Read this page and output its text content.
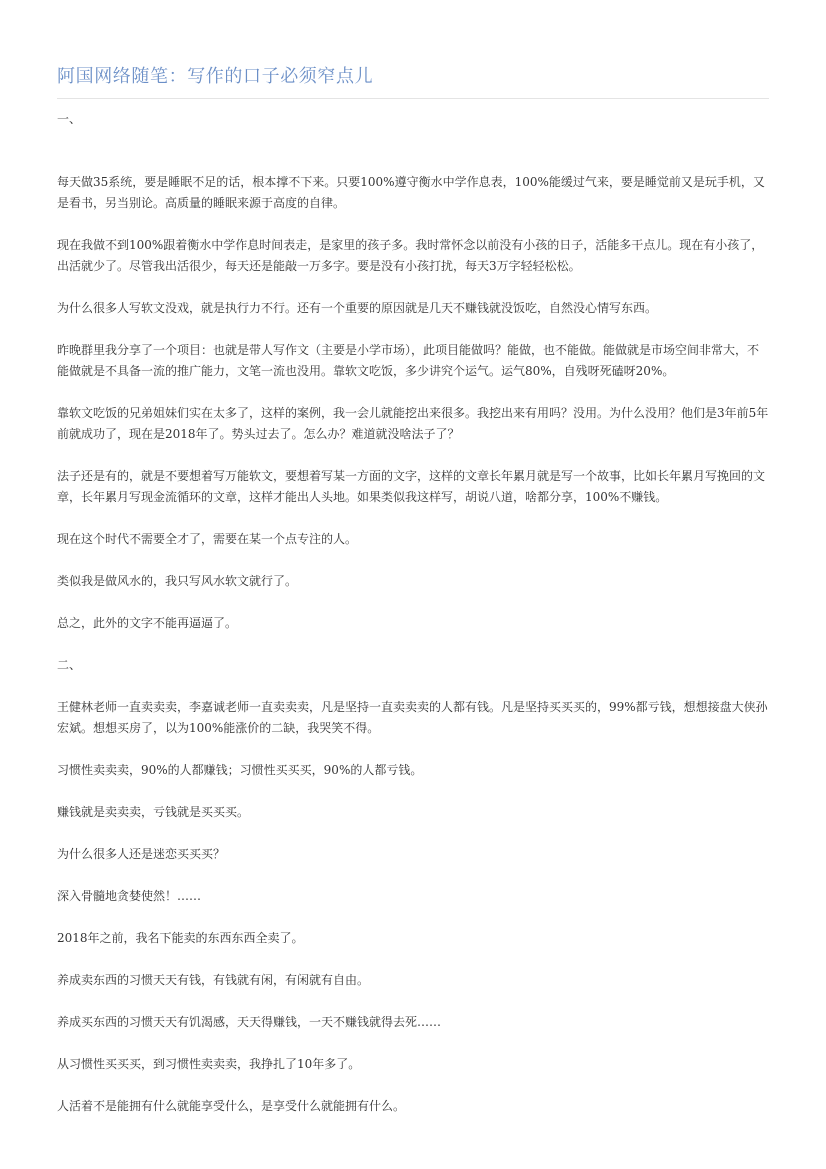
阿国网络随笔：写作的口子必须窄点儿

一、

每天做35系统，要是睡眠不足的话，根本撑不下来。只要100%遵守衡水中学作息表，100%能缓过气来，要是睡觉前又是玩手机，又是看书，另当别论。高质量的睡眠来源于高度的自律。

现在我做不到100%跟着衡水中学作息时间表走，是家里的孩子多。我时常怀念以前没有小孩的日子，活能多干点儿。现在有小孩了，出活就少了。尽管我出活很少，每天还是能敲一万多字。要是没有小孩打扰，每天3万字轻轻松松。

为什么很多人写软文没戏，就是执行力不行。还有一个重要的原因就是几天不赚钱就没饭吃，自然没心情写东西。

昨晚群里我分享了一个项目：也就是带人写作文（主要是小学市场），此项目能做吗？能做，也不能做。能做就是市场空间非常大，不能做就是不具备一流的推广能力，文笔一流也没用。靠软文吃饭，多少讲究个运气。运气80%，自残呀死磕呀20%。

靠软文吃饭的兄弟姐妹们实在太多了，这样的案例，我一会儿就能挖出来很多。我挖出来有用吗？没用。为什么没用？他们是3年前5年前就成功了，现在是2018年了。势头过去了。怎么办？难道就没啥法子了？

法子还是有的，就是不要想着写万能软文，要想着写某一方面的文字，这样的文章长年累月就是写一个故事，比如长年累月写挽回的文章，长年累月写现金流循环的文章，这样才能出人头地。如果类似我这样写，胡说八道，啥都分享，100%不赚钱。

现在这个时代不需要全才了，需要在某一个点专注的人。

类似我是做风水的，我只写风水软文就行了。

总之，此外的文字不能再逼逼了。

二、

王健林老师一直卖卖卖，李嘉诚老师一直卖卖卖，凡是坚持一直卖卖卖的人都有钱。凡是坚持买买买的，99%都亏钱，想想接盘大侠孙宏斌。想想买房了，以为100%能涨价的二缺，我哭笑不得。

习惯性卖卖卖，90%的人都赚钱；习惯性买买买，90%的人都亏钱。

赚钱就是卖卖卖，亏钱就是买买买。

为什么很多人还是迷恋买买买？

深入骨髓地贪婪使然！……

2018年之前，我名下能卖的东西东西全卖了。

养成卖东西的习惯天天有钱，有钱就有闲，有闲就有自由。

养成买东西的习惯天天有饥渴感，天天得赚钱，一天不赚钱就得去死……

从习惯性买买买，到习惯性卖卖卖，我挣扎了10年多了。

人活着不是能拥有什么就能享受什么，是享受什么就能拥有什么。
